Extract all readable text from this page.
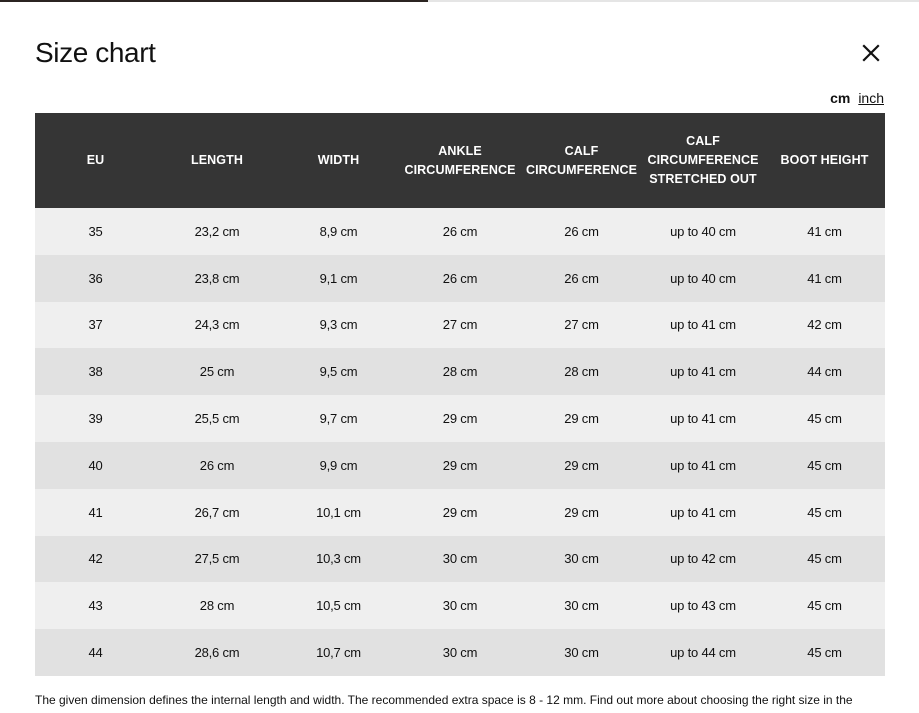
Size chart
cm inch
EU	LENGTH	WIDTH	ANKLE CIRCUMFERENCE	CALF CIRCUMFERENCE	CALF CIRCUMFERENCE STRETCHED OUT	BOOT HEIGHT
35	23,2 cm	8,9 cm	26 cm	26 cm	up to 40 cm	41 cm
36	23,8 cm	9,1 cm	26 cm	26 cm	up to 40 cm	41 cm
37	24,3 cm	9,3 cm	27 cm	27 cm	up to 41 cm	42 cm
38	25 cm	9,5 cm	28 cm	28 cm	up to 41 cm	44 cm
39	25,5 cm	9,7 cm	29 cm	29 cm	up to 41 cm	45 cm
40	26 cm	9,9 cm	29 cm	29 cm	up to 41 cm	45 cm
41	26,7 cm	10,1 cm	29 cm	29 cm	up to 41 cm	45 cm
42	27,5 cm	10,3 cm	30 cm	30 cm	up to 42 cm	45 cm
43	28 cm	10,5 cm	30 cm	30 cm	up to 43 cm	45 cm
44	28,6 cm	10,7 cm	30 cm	30 cm	up to 44 cm	45 cm

The given dimension defines the internal length and width. The recommended extra space is 8 - 12 mm. Find out more about choosing the right size in the
